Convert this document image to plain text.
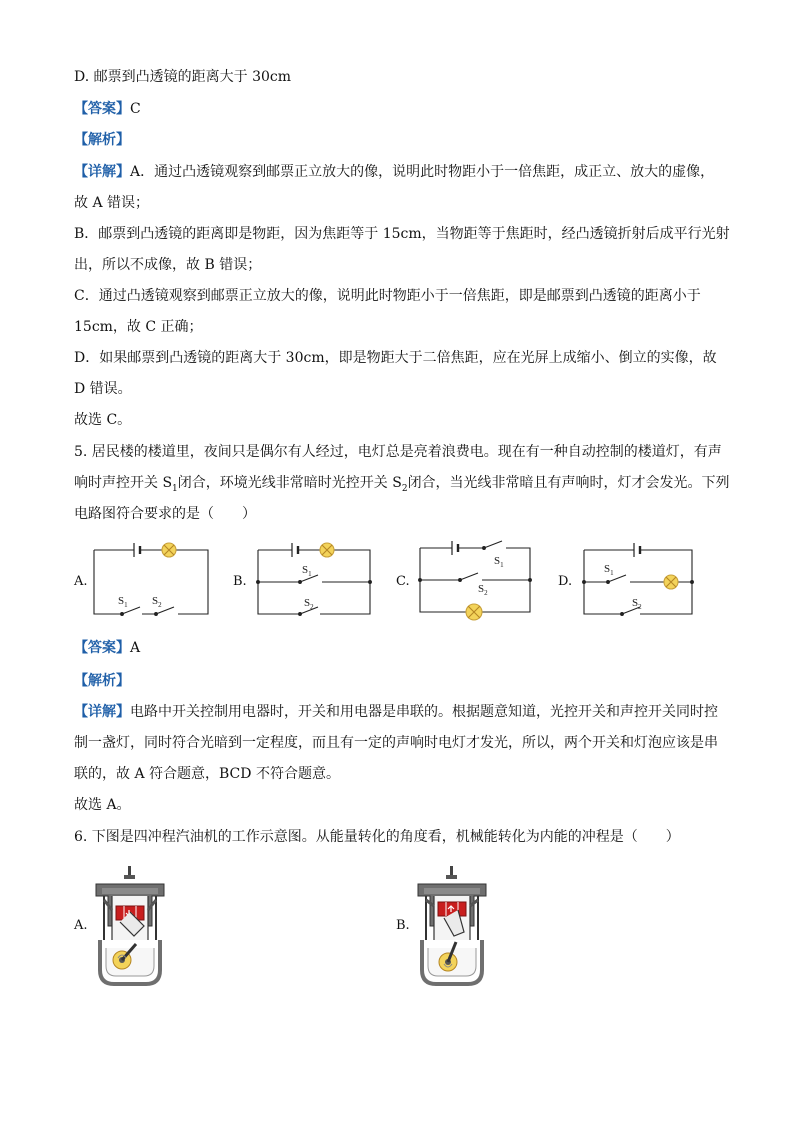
D. 邮票到凸透镜的距离大于 30cm
【答案】C
【解析】
【详解】A．通过凸透镜观察到邮票正立放大的像，说明此时物距小于一倍焦距，成正立、放大的虚像，
故 A 错误；
B．邮票到凸透镜的距离即是物距，因为焦距等于 15cm，当物距等于焦距时，经凸透镜折射后成平行光射
出，所以不成像，故 B 错误；
C．通过凸透镜观察到邮票正立放大的像，说明此时物距小于一倍焦距，即是邮票到凸透镜的距离小于
15cm，故 C 正确；
D．如果邮票到凸透镜的距离大于 30cm，即是物距大于二倍焦距，应在光屏上成缩小、倒立的实像，故
D 错误。
故选 C。
5. 居民楼的楼道里，夜间只是偶尔有人经过，电灯总是亮着浪费电。现在有一种自动控制的楼道灯，有声
响时声控开关 $S_1$闭合，环境光线非常暗时光控开关 $S_2$闭合，当光线非常暗且有声响时，灯才会发光。下列
电路图符合要求的是（　　）
A.	B.	C.	D.
$S_1$ $S_2$
$S_1$
$S_2$
$S_1$
$S_2$
$S_1$
$S_2$
【答案】A
【解析】
【详解】电路中开关控制用电器时，开关和用电器是串联的。根据题意知道，光控开关和声控开关同时控
制一盏灯，同时符合光暗到一定程度，而且有一定的声响时电灯才发光，所以，两个开关和灯泡应该是串
联的，故 A 符合题意，BCD 不符合题意。
故选 A。
6. 下图是四冲程汽油机的工作示意图。从能量转化的角度看，机械能转化为内能的冲程是（　　）
A.	B.
